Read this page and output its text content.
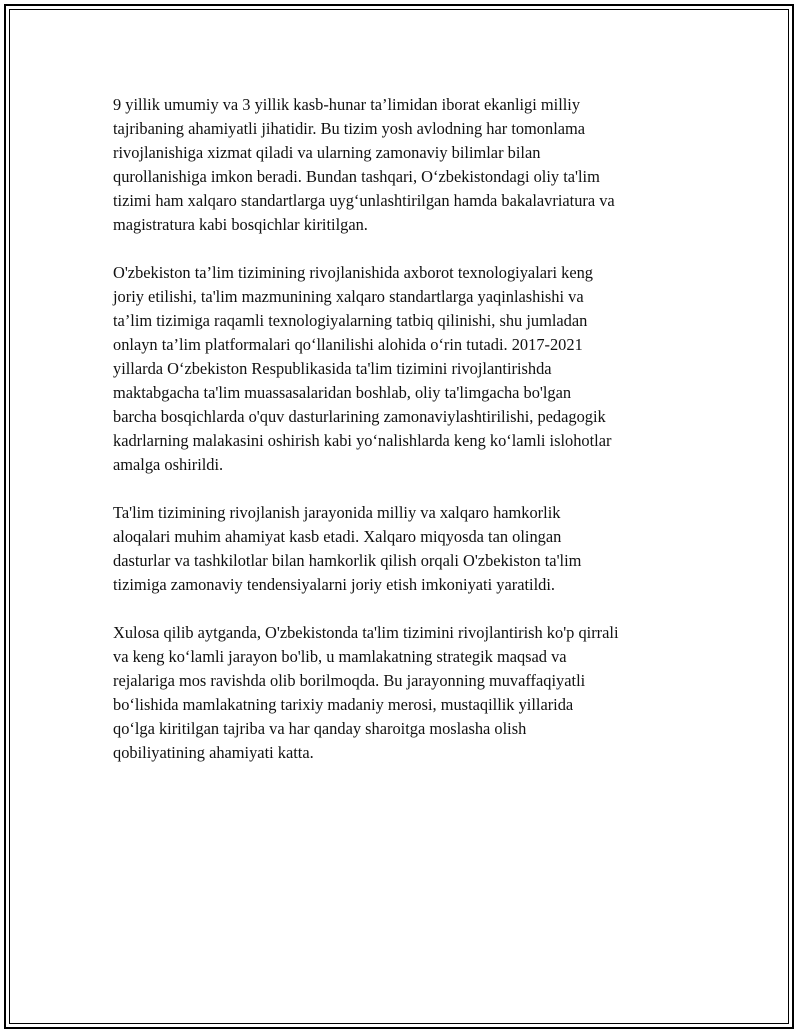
9 yillik umumiy va 3 yillik kasb-hunar ta’limidan iborat ekanligi milliy
tajribaning ahamiyatli jihatidir. Bu tizim yosh avlodning har tomonlama
rivojlanishiga xizmat qiladi va ularning zamonaviy bilimlar bilan
qurollanishiga imkon beradi. Bundan tashqari, O‘zbekistondagi oliy ta'lim
tizimi ham xalqaro standartlarga uyg‘unlashtirilgan hamda bakalavriatura va
magistratura kabi bosqichlar kiritilgan.

O'zbekiston ta’lim tizimining rivojlanishida axborot texnologiyalari keng
joriy etilishi, ta'lim mazmunining xalqaro standartlarga yaqinlashishi va
ta’lim tizimiga raqamli texnologiyalarning tatbiq qilinishi, shu jumladan
onlayn ta’lim platformalari qo‘llanilishi alohida o‘rin tutadi. 2017-2021
yillarda O‘zbekiston Respublikasida ta'lim tizimini rivojlantirishda
maktabgacha ta'lim muassasalaridan boshlab, oliy ta'limgacha bo'lgan
barcha bosqichlarda o'quv dasturlarining zamonaviylashtirilishi, pedagogik
kadrlarning malakasini oshirish kabi yo‘nalishlarda keng ko‘lamli islohotlar
amalga oshirildi.

Ta'lim tizimining rivojlanish jarayonida milliy va xalqaro hamkorlik
aloqalari muhim ahamiyat kasb etadi. Xalqaro miqyosda tan olingan
dasturlar va tashkilotlar bilan hamkorlik qilish orqali O'zbekiston ta'lim
tizimiga zamonaviy tendensiyalarni joriy etish imkoniyati yaratildi.

Xulosa qilib aytganda, O'zbekistonda ta'lim tizimini rivojlantirish ko'p qirrali
va keng ko‘lamli jarayon bo'lib, u mamlakatning strategik maqsad va
rejalariga mos ravishda olib borilmoqda. Bu jarayonning muvaffaqiyatli
bo‘lishida mamlakatning tarixiy madaniy merosi, mustaqillik yillarida
qo‘lga kiritilgan tajriba va har qanday sharoitga moslasha olish
qobiliyatining ahamiyati katta.
